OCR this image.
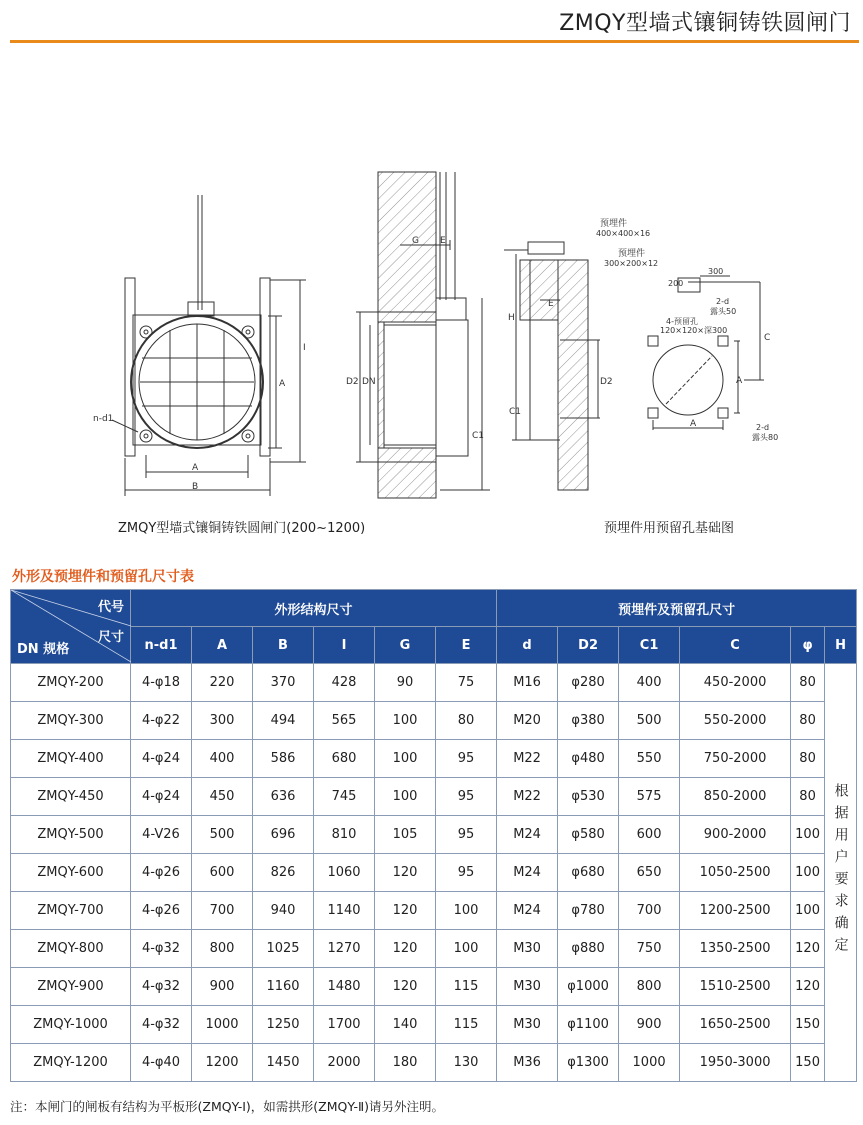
ZMQY型墙式镶铜铸铁圆闸门
n-d1
A
B
A
I
G E
D2 DN
C1
预埋件
400×400×16
预埋件
300×200×12
H
E
D2
C1
300
200
2-d
露头50
4-预留孔
120×120×深300
A
C
A	2-d
露头80
ZMQY型墙式镶铜铸铁圆闸门(200~1200)	预埋件用预留孔基础图
外形及预埋件和预留孔尺寸表
代号
尺寸
DN 规格	外形结构尺寸						预埋件及预留孔尺寸					
	n-d1	A	B	I	G	E	d	D2	C1	C	φ	H
ZMQY-200	4-φ18	220	370	428	90	75	M16	φ280	400	450-2000	80	根据用户要求确定
ZMQY-300	4-φ22	300	494	565	100	80	M20	φ380	500	550-2000	80	
ZMQY-400	4-φ24	400	586	680	100	95	M22	φ480	550	750-2000	80	
ZMQY-450	4-φ24	450	636	745	100	95	M22	φ530	575	850-2000	80	
ZMQY-500	4-V26	500	696	810	105	95	M24	φ580	600	900-2000	100	
ZMQY-600	4-φ26	600	826	1060	120	95	M24	φ680	650	1050-2500	100	
ZMQY-700	4-φ26	700	940	1140	120	100	M24	φ780	700	1200-2500	100	
ZMQY-800	4-φ32	800	1025	1270	120	100	M30	φ880	750	1350-2500	120	
ZMQY-900	4-φ32	900	1160	1480	120	115	M30	φ1000	800	1510-2500	120	
ZMQY-1000	4-φ32	1000	1250	1700	140	115	M30	φ1100	900	1650-2500	150	
ZMQY-1200	4-φ40	1200	1450	2000	180	130	M36	φ1300	1000	1950-3000	150	
注：本闸门的闸板有结构为平板形(ZMQY-Ⅰ)，如需拱形(ZMQY-Ⅱ)请另外注明。
